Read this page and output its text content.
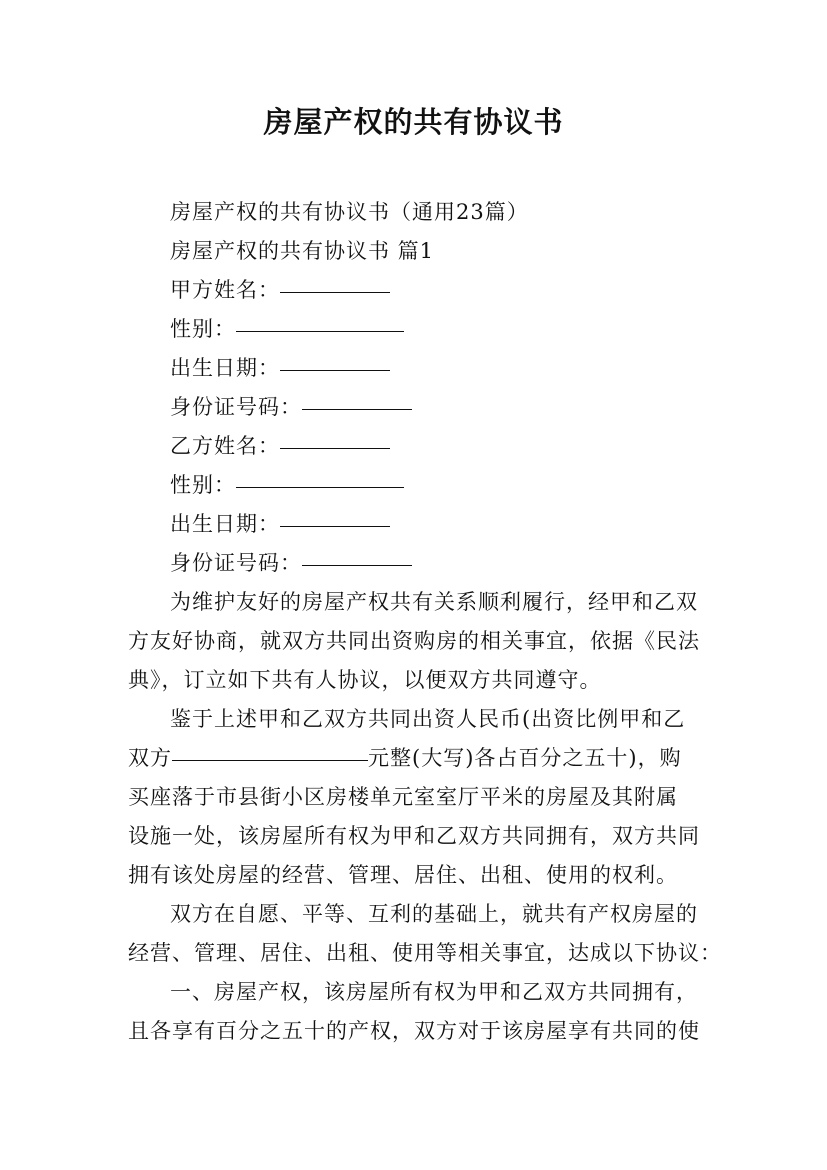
房屋产权的共有协议书
房屋产权的共有协议书（通用23篇）
房屋产权的共有协议书 篇1
甲方姓名：
性别：
出生日期：
身份证号码：
乙方姓名：
性别：
出生日期：
身份证号码：
为维护友好的房屋产权共有关系顺利履行，经甲和乙双
方友好协商，就双方共同出资购房的相关事宜，依据《民法
典》，订立如下共有人协议，以便双方共同遵守。
鉴于上述甲和乙双方共同出资人民币(出资比例甲和乙
双方	元整(大写)各占百分之五十)，购
买座落于市县街小区房楼单元室室厅平米的房屋及其附属
设施一处，该房屋所有权为甲和乙双方共同拥有，双方共同
拥有该处房屋的经营、管理、居住、出租、使用的权利。
双方在自愿、平等、互利的基础上，就共有产权房屋的
经营、管理、居住、出租、使用等相关事宜，达成以下协议：
一、房屋产权，该房屋所有权为甲和乙双方共同拥有，
且各享有百分之五十的产权，双方对于该房屋享有共同的使
